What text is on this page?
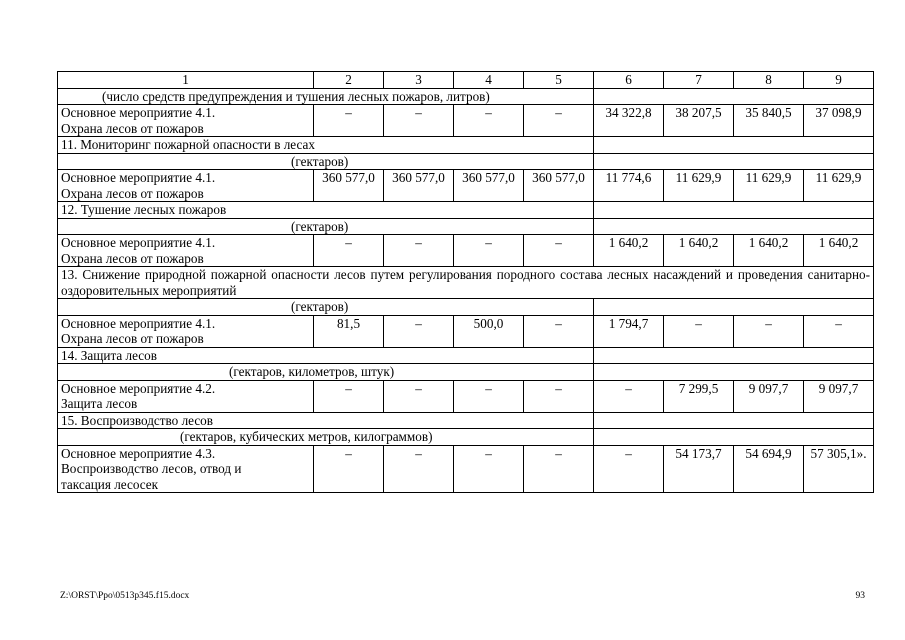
1	2	3	4	5	6	7	8	9
(число средств предупреждения и тушения лесных пожаров, литров)								

Основное мероприятие 4.1.
Охрана лесов от пожаров	–	–	–	–	34 322,8	38 207,5	35 840,5	37 098,9
11. Мониторинг пожарной опасности в лесах								
(гектаров)								

Основное мероприятие 4.1.
Охрана лесов от пожаров	360 577,0	360 577,0	360 577,0	360 577,0	11 774,6	11 629,9	11 629,9	11 629,9
12. Тушение лесных пожаров								
(гектаров)								

Основное мероприятие 4.1.
Охрана лесов от пожаров	–	–	–	–	1 640,2	1 640,2	1 640,2	1 640,2
13. Снижение природной пожарной опасности лесов путем регулирования породного состава лесных насаждений и проведения санитарно-оздоровительных мероприятий								
(гектаров)								

Основное мероприятие 4.1.
Охрана лесов от пожаров	81,5	–	500,0	–	1 794,7	–	–	–
14. Защита лесов								
(гектаров, километров, штук)								

Основное мероприятие 4.2.
Защита лесов	–	–	–	–	–	7 299,5	9 097,7	9 097,7
15. Воспроизводство лесов								
(гектаров, кубических метров, килограммов)								

Основное мероприятие 4.3.
Воспроизводство лесов, отвод и
таксация лесосек	–	–	–	–	–	54 173,7	54 694,9	57 305,1».
Z:\ORST\Ppo\0513p345.f15.docx	93
